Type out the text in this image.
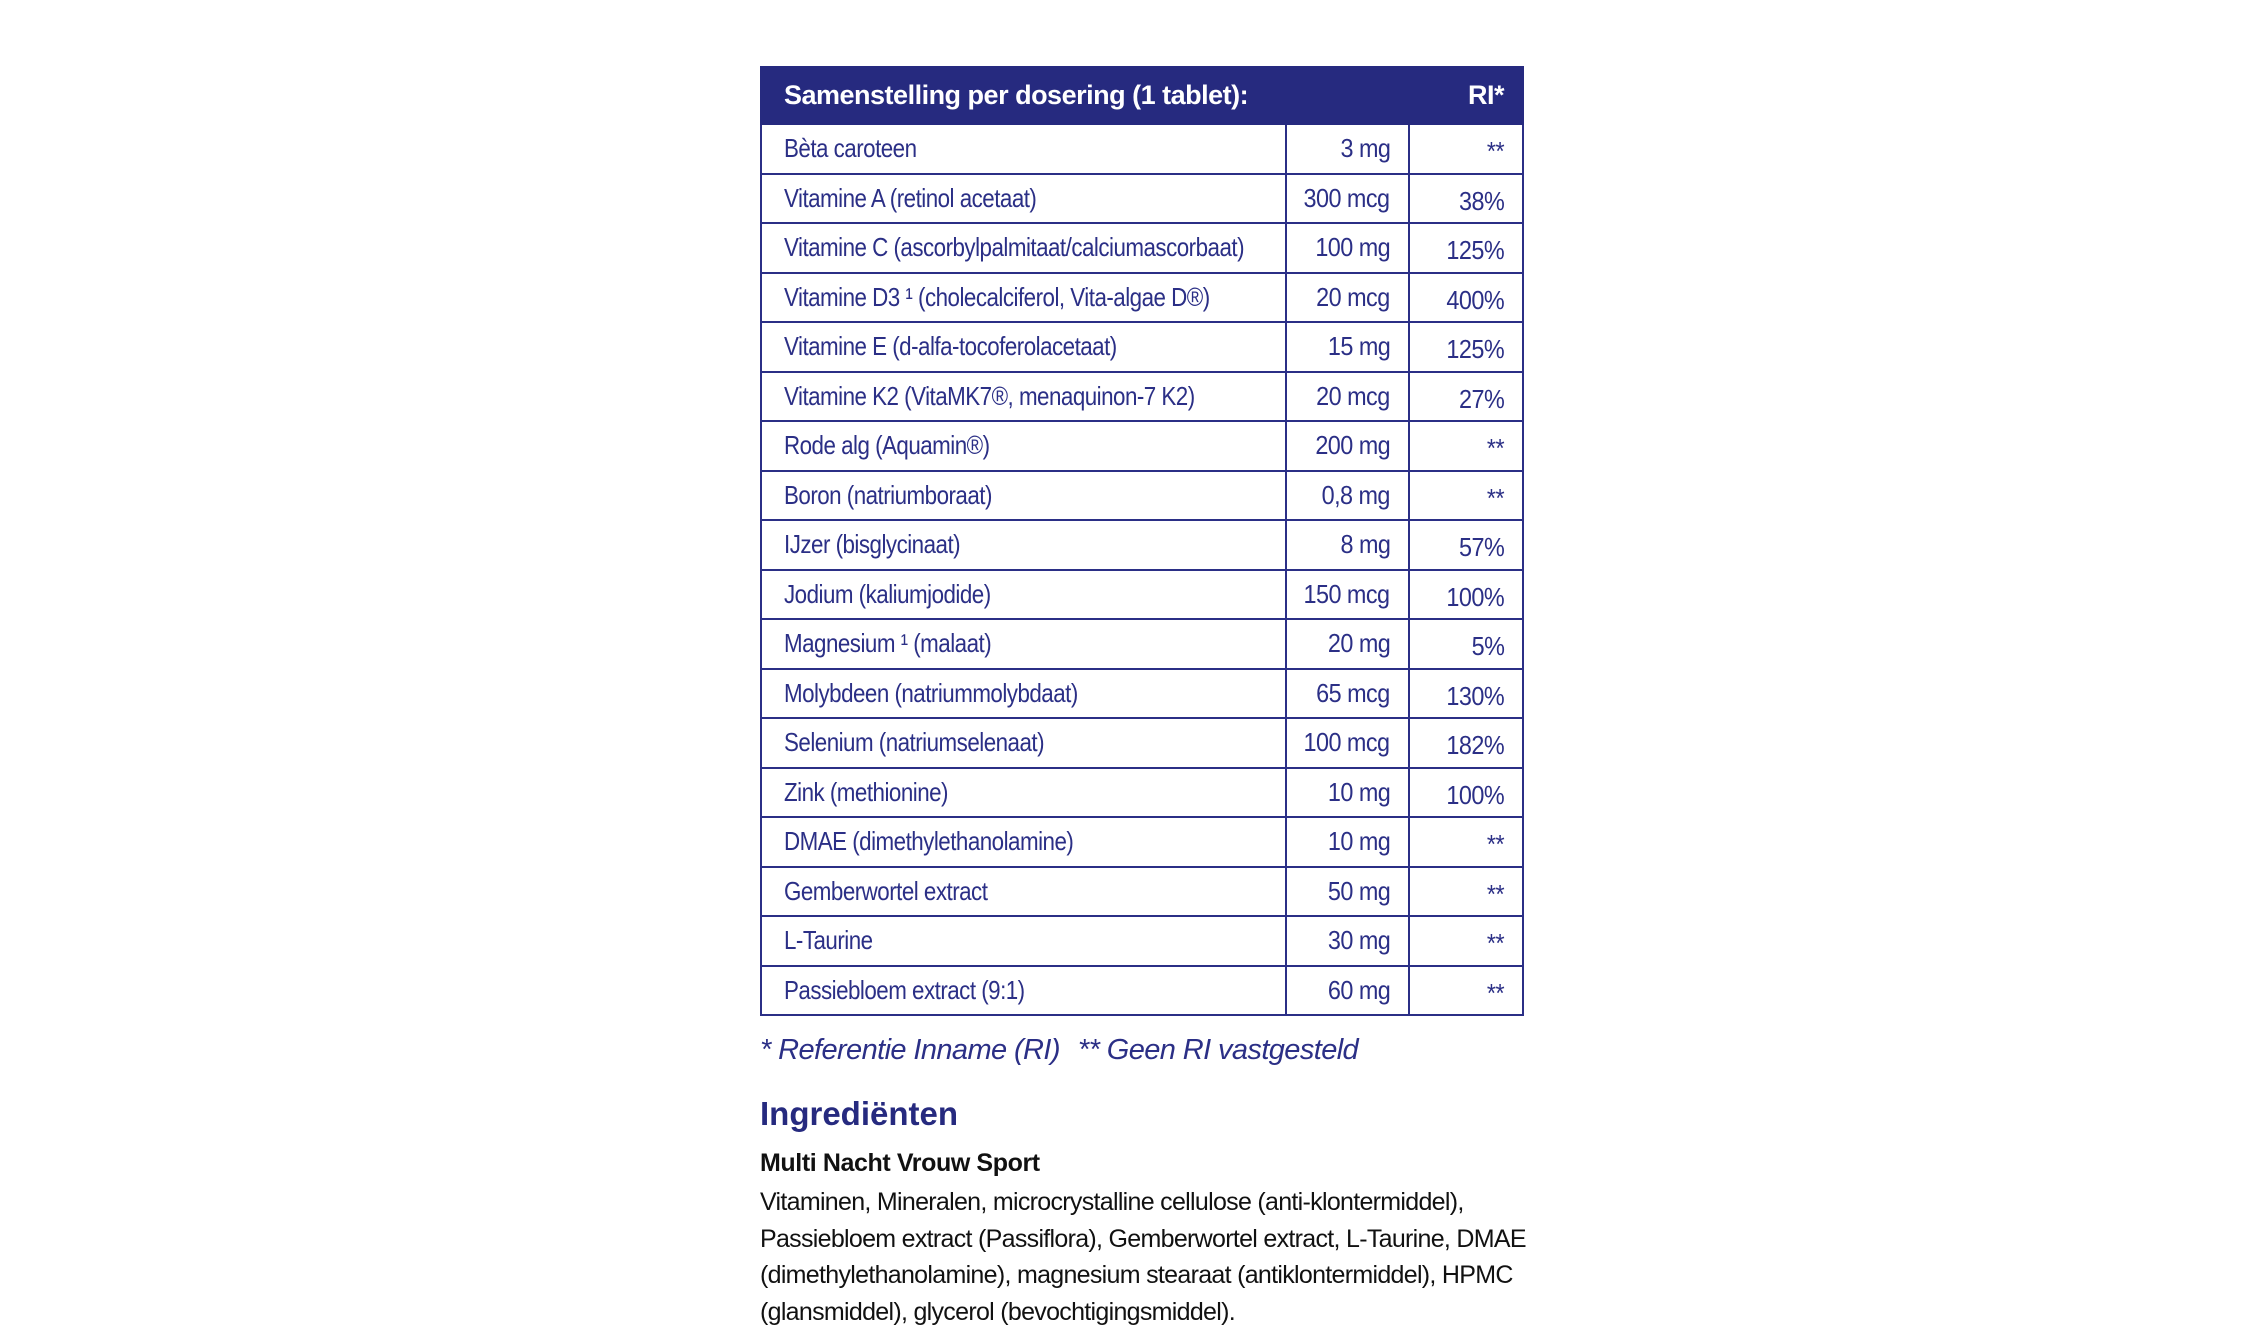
Samenstelling per dosering (1 tablet):		RI*
Bèta caroteen	3 mg	**
Vitamine A (retinol acetaat)	300 mcg	38%
Vitamine C (ascorbylpalmitaat/calciumascorbaat)	100 mg	125%
Vitamine D3 ¹ (cholecalciferol, Vita-algae D®)	20 mcg	400%
Vitamine E (d-alfa-tocoferolacetaat)	15 mg	125%
Vitamine K2 (VitaMK7®, menaquinon-7 K2)	20 mcg	27%
Rode alg (Aquamin®)	200 mg	**
Boron (natriumboraat)	0,8 mg	**
IJzer (bisglycinaat)	8 mg	57%
Jodium (kaliumjodide)	150 mcg	100%
Magnesium ¹ (malaat)	20 mg	5%
Molybdeen (natriummolybdaat)	65 mcg	130%
Selenium (natriumselenaat)	100 mcg	182%
Zink (methionine)	10 mg	100%
DMAE (dimethylethanolamine)	10 mg	**
Gemberwortel extract	50 mg	**
L-Taurine	30 mg	**
Passiebloem extract (9:1)	60 mg	**
* Referentie Inname (RI) ** Geen RI vastgesteld
Ingrediënten
Multi Nacht Vrouw Sport
Vitaminen, Mineralen, microcrystalline cellulose (anti-klontermiddel), Passiebloem extract (Passiflora), Gemberwortel extract, L-Taurine, DMAE (dimethylethanolamine), magnesium stearaat (antiklontermiddel), HPMC (glansmiddel), glycerol (bevochtigingsmiddel).
